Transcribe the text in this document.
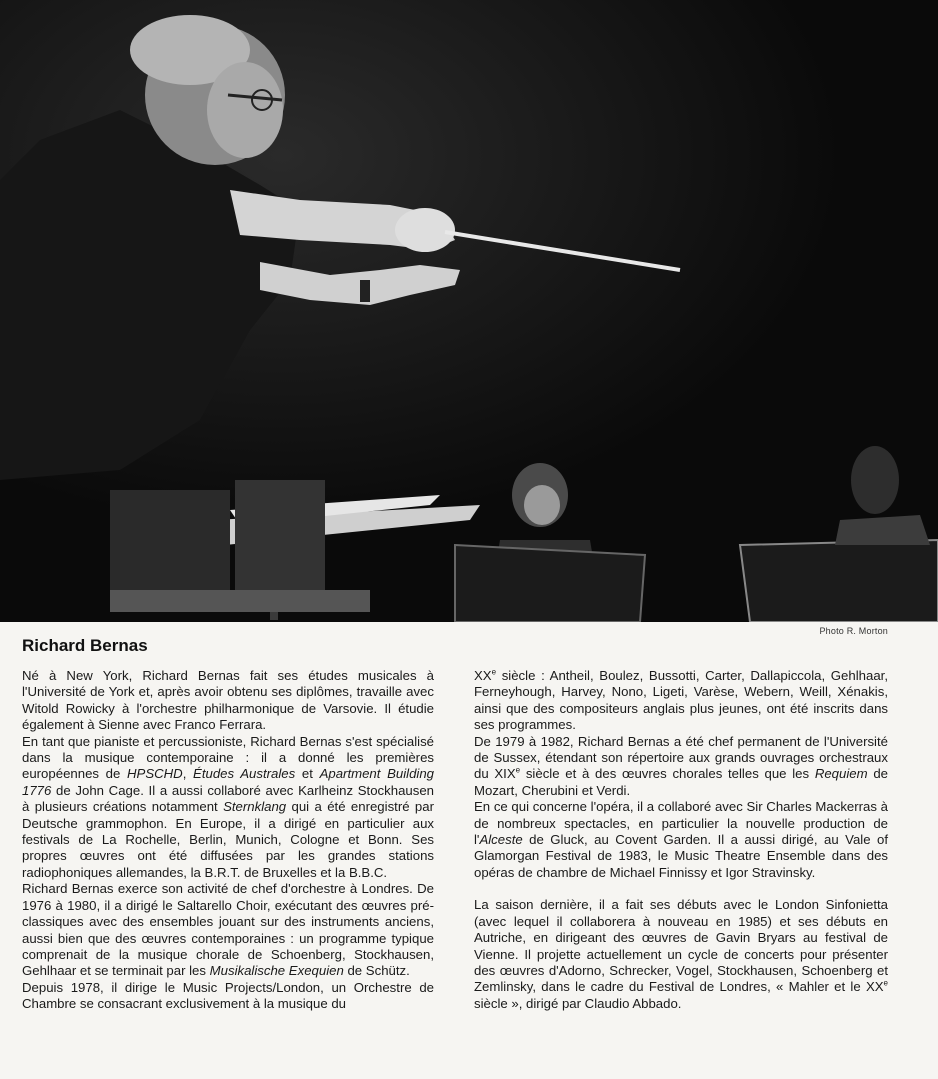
Photo R. Morton
Richard Bernas

Né à New York, Richard Bernas fait ses études musicales à l'Université de York et, après avoir obtenu ses diplômes, travaille avec Witold Rowicky à l'orchestre philharmonique de Varsovie. Il étudie également à Sienne avec Franco Ferrara.

En tant que pianiste et percussioniste, Richard Bernas s'est spécialisé dans la musique contemporaine : il a donné les premières européennes de HPSCHD, Études Australes et Apartment Building 1776 de John Cage. Il a aussi collaboré avec Karlheinz Stockhausen à plusieurs créations notamment Sternklang qui a été enregistré par Deutsche grammophon. En Europe, il a dirigé en particulier aux festivals de La Rochelle, Berlin, Munich, Cologne et Bonn. Ses propres œuvres ont été diffusées par les grandes stations radiophoniques allemandes, la B.R.T. de Bruxelles et la B.B.C.

Richard Bernas exerce son activité de chef d'orchestre à Londres. De 1976 à 1980, il a dirigé le Saltarello Choir, exécutant des œuvres pré-classiques avec des ensembles jouant sur des instruments anciens, aussi bien que des œuvres contemporaines : un programme typique comprenait de la musique chorale de Schoenberg, Stockhausen, Gehlhaar et se terminait par les Musikalische Exequien de Schütz.

Depuis 1978, il dirige le Music Projects/London, un Orchestre de Chambre se consacrant exclusivement à la musique du

XXe siècle : Antheil, Boulez, Bussotti, Carter, Dallapiccola, Gehlhaar, Ferneyhough, Harvey, Nono, Ligeti, Varèse, Webern, Weill, Xénakis, ainsi que des compositeurs anglais plus jeunes, ont été inscrits dans ses programmes.

De 1979 à 1982, Richard Bernas a été chef permanent de l'Université de Sussex, étendant son répertoire aux grands ouvrages orchestraux du XIXe siècle et à des œuvres chorales telles que les Requiem de Mozart, Cherubini et Verdi.

En ce qui concerne l'opéra, il a collaboré avec Sir Charles Mackerras à de nombreux spectacles, en particulier la nouvelle production de l'Alceste de Gluck, au Covent Garden. Il a aussi dirigé, au Vale of Glamorgan Festival de 1983, le Music Theatre Ensemble dans des opéras de chambre de Michael Finnissy et Igor Stravinsky.

La saison dernière, il a fait ses débuts avec le London Sinfonietta (avec lequel il collaborera à nouveau en 1985) et ses débuts en Autriche, en dirigeant des œuvres de Gavin Bryars au festival de Vienne. Il projette actuellement un cycle de concerts pour présenter des œuvres d'Adorno, Schrecker, Vogel, Stockhausen, Schoenberg et Zemlinsky, dans le cadre du Festival de Londres, « Mahler et le XXe siècle », dirigé par Claudio Abbado.
